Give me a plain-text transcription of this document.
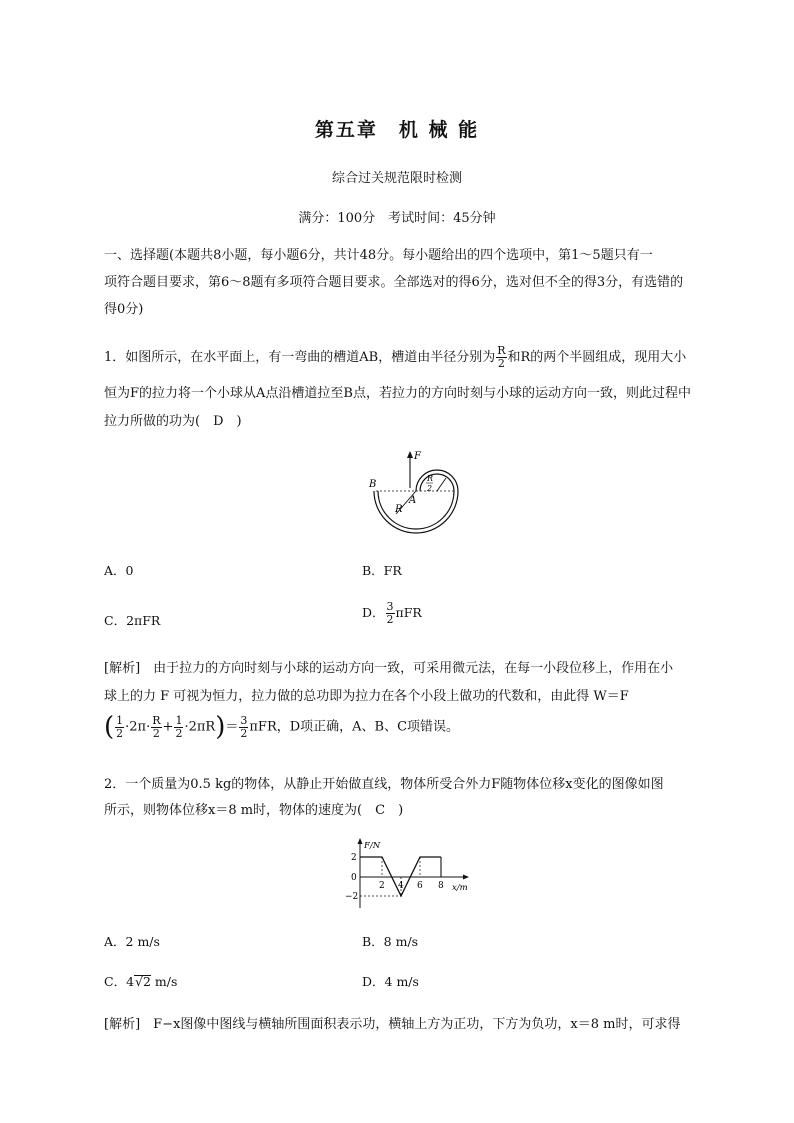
第五章　机 械 能
综合过关规范限时检测
满分：100分　考试时间：45分钟
一、选择题(本题共8小题，每小题6分，共计48分。每小题给出的四个选项中，第1～5题只有一
项符合题目要求，第6～8题有多项符合题目要求。全部选对的得6分，选对但不全的得3分，有选错的
得0分)
1．如图所示，在水平面上，有一弯曲的槽道AB，槽道由半径分别为 $\frac{R}{2}$ 和R的两个半圆组成，现用大小
恒为F的拉力将一个小球从A点沿槽道拉至B点，若拉力的方向时刻与小球的运动方向一致，则此过程中
拉力所做的功为(　D　)
F
B
A
R
R
2
A．0	B．FR
C．2πFR
D． $\frac{3}{2}$ πFR
[解析]　由于拉力的方向时刻与小球的运动方向一致，可采用微元法，在每一小段位移上，作用在小
球上的力 F 可视为恒力，拉力做的总功即为拉力在各个小段上做功的代数和，由此得 W＝F
( $\frac{1}{2} \cdot 2\pi\cdot \frac{R}{2} + \frac{1}{2} \cdot 2\pi R)= \frac{3}{2}$ πFR，D项正确，A、B、C项错误。
2．一个质量为0.5 kg的物体，从静止开始做直线，物体所受合外力F随物体位移x变化的图像如图
所示，则物体位移x＝8 m时，物体的速度为(　C　)
F/N
x/m
2
0
−2
2 4 6 8
A．2 m/s	B．8 m/s
C．4√2 m/s	D．4 m/s
[解析]　F−x图像中图线与横轴所围面积表示功，横轴上方为正功，下方为负功，x＝8 m时，可求得
